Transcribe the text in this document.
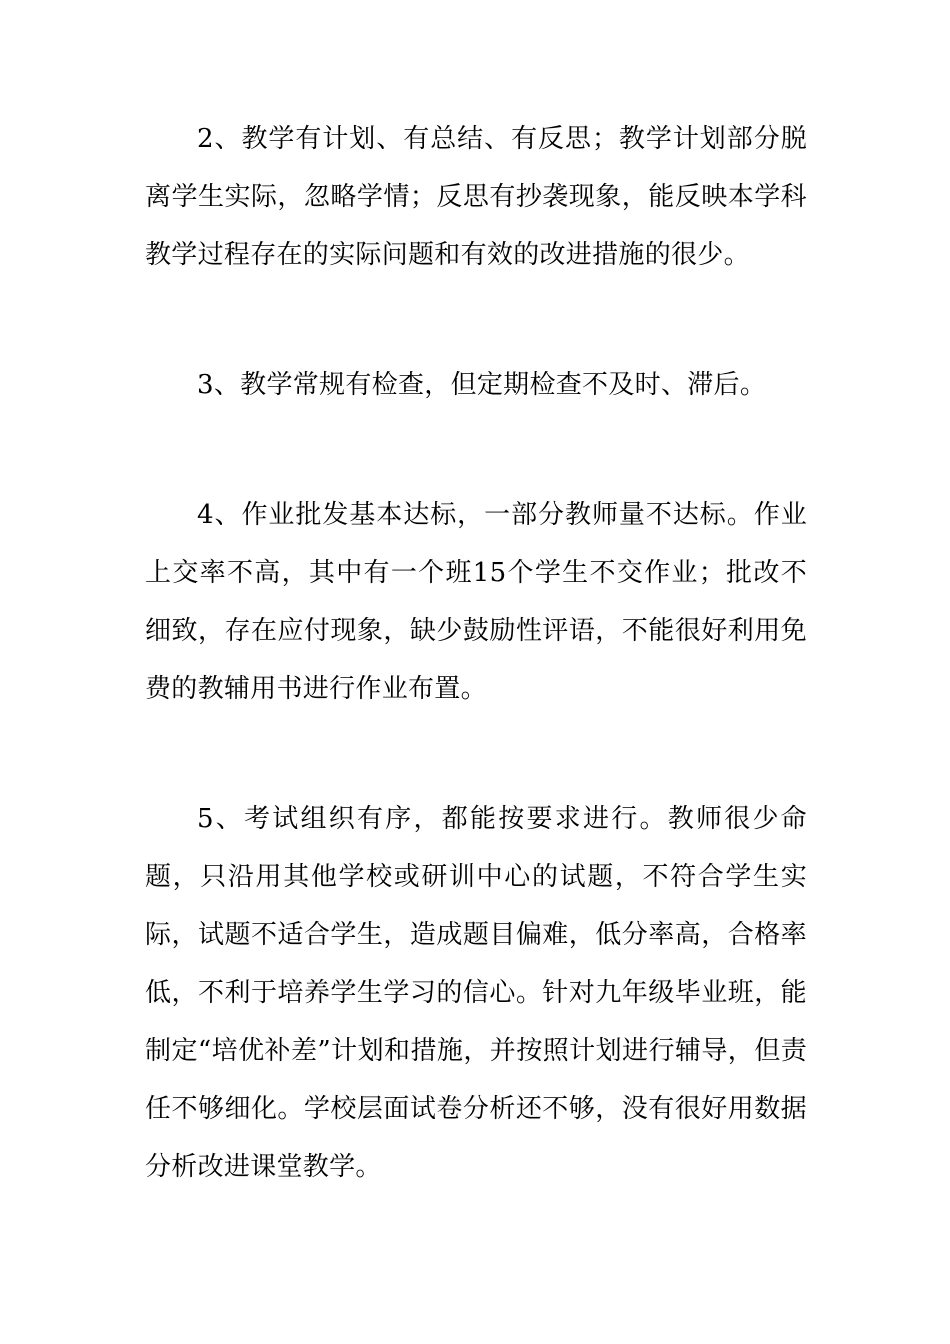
2、教学有计划、有总结、有反思；教学计划部分脱离学生实际，忽略学情；反思有抄袭现象，能反映本学科教学过程存在的实际问题和有效的改进措施的很少。

3、教学常规有检查，但定期检查不及时、滞后。

4、作业批发基本达标，一部分教师量不达标。作业上交率不高，其中有一个班15个学生不交作业；批改不细致，存在应付现象，缺少鼓励性评语，不能很好利用免费的教辅用书进行作业布置。

5、考试组织有序，都能按要求进行。教师很少命题，只沿用其他学校或研训中心的试题，不符合学生实际，试题不适合学生，造成题目偏难，低分率高，合格率低，不利于培养学生学习的信心。针对九年级毕业班，能制定“培优补差”计划和措施，并按照计划进行辅导，但责任不够细化。学校层面试卷分析还不够，没有很好用数据分析改进课堂教学。
